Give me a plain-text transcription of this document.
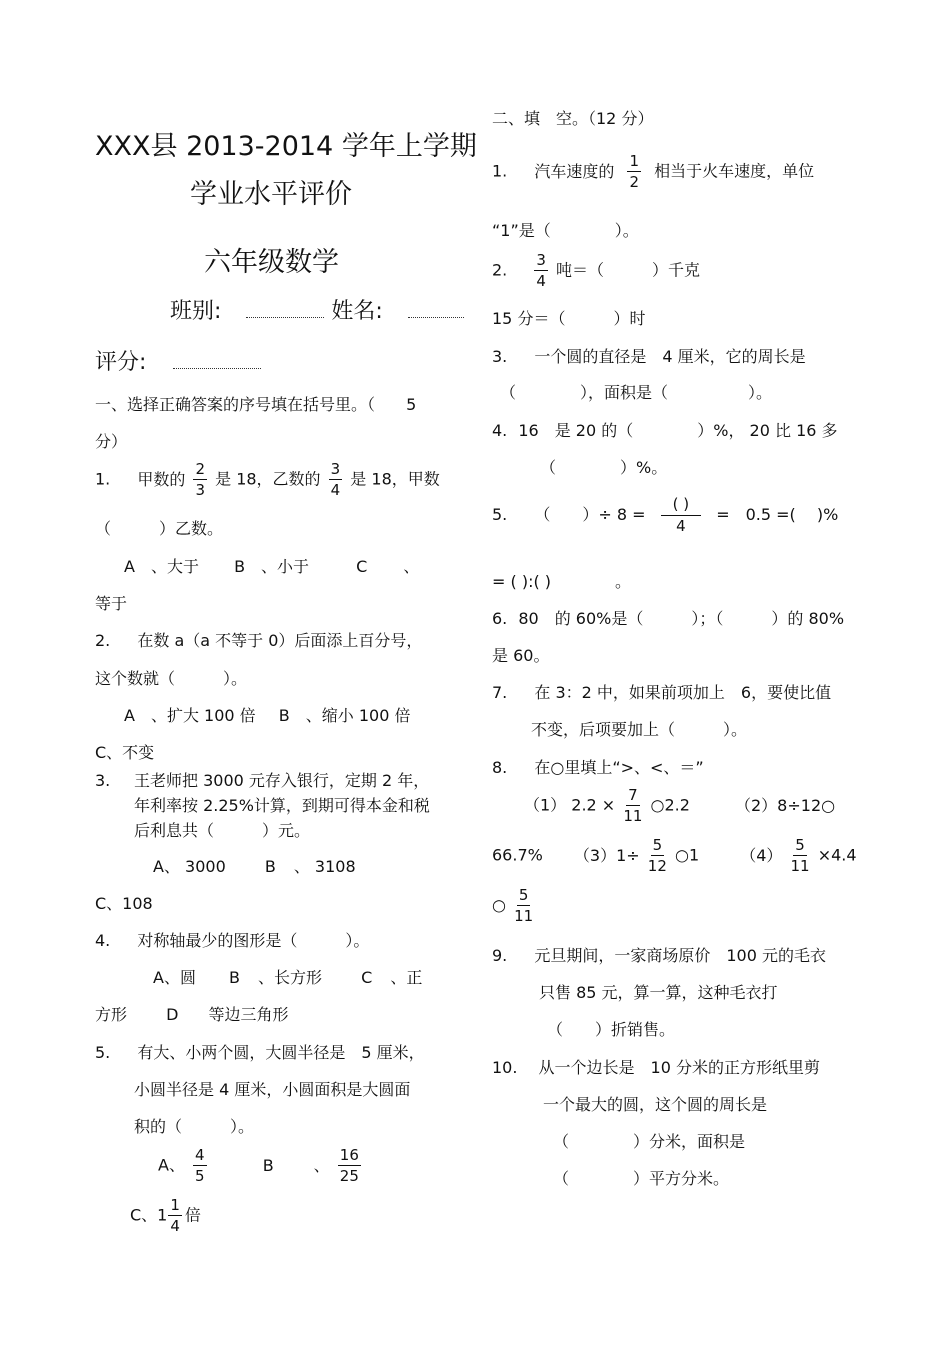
XXX县 2013-2014 学年上学期
学业水平评价
六年级数学
班别:	姓名:
评分:
一、选择正确答案的序号填在括号里。（ 5
分）
1. 甲数的 $\frac{2}{3}$ 是 18，乙数的 $\frac{3}{4}$ 是 18，甲数
（　　　）乙数。
A 、大于 B 、小于	C 、
等于
2. 在数 a（a 不等于 0）后面添上百分号，
这个数就（　　　）。
A 、扩大 100 倍 B 、缩小 100 倍
C、不变
3. 王老师把 3000 元存入银行，定期 2 年，年利率按 2.25%计算，到期可得本金和税后利息共（　　　）元。
A、 3000 B 、 3108
C、108
4. 对称轴最少的图形是（　　　）。
A、圆 B 、长方形 C 、正
方形 D 等边三角形
5. 有大、小两个圆，大圆半径是　5 厘米，
小圆半径是 4 厘米，小圆面积是大圆面
积的（　　　）。
A、 $\frac{4}{5}$	B	、 $\frac{16}{25}$
C、$1 \frac{1}{4}$ 倍
二、填　空。（12 分）
1. 汽车速度的 $\frac{1}{2}$ 相当于火车速度，单位
“1”是（　　　　）。
2. $\frac{3}{4}$ 吨＝（　　　）千克
15 分＝（　　　）时
3. 一个圆的直径是　4 厘米，它的周长是
（　　　　），面积是（　　　　　）。
4. 16　是 20 的（　　　　）%， 20 比 16 多
（　　　　）%。
5. （　　）÷ $8 = \frac{( )}{4}$ =　0.5 =(　 )%
= ( ):( )　　　　。
6. 80　的 60%是（　　　）；（　　　）的 80%
是 60。
7. 在 3：2 中，如果前项加上　6，要使比值
不变，后项要加上（　　　）。
8. 在○里填上“>、<、＝”
（1） $2.2 \times \frac{7}{11}$ ○2.2	（2）8÷12○
66.7% $(3)1\div \frac{5}{12}$ ○1	$(4) \frac{5}{11} \times 4.4$
○ $\frac{5}{11}$
9. 元旦期间，一家商场原价　100 元的毛衣
只售 85 元，算一算，这种毛衣打
（　　）折销售。
10. 从一个边长是　10 分米的正方形纸里剪
一个最大的圆，这个圆的周长是
（　　　　）分米，面积是
（　　　　）平方分米。
